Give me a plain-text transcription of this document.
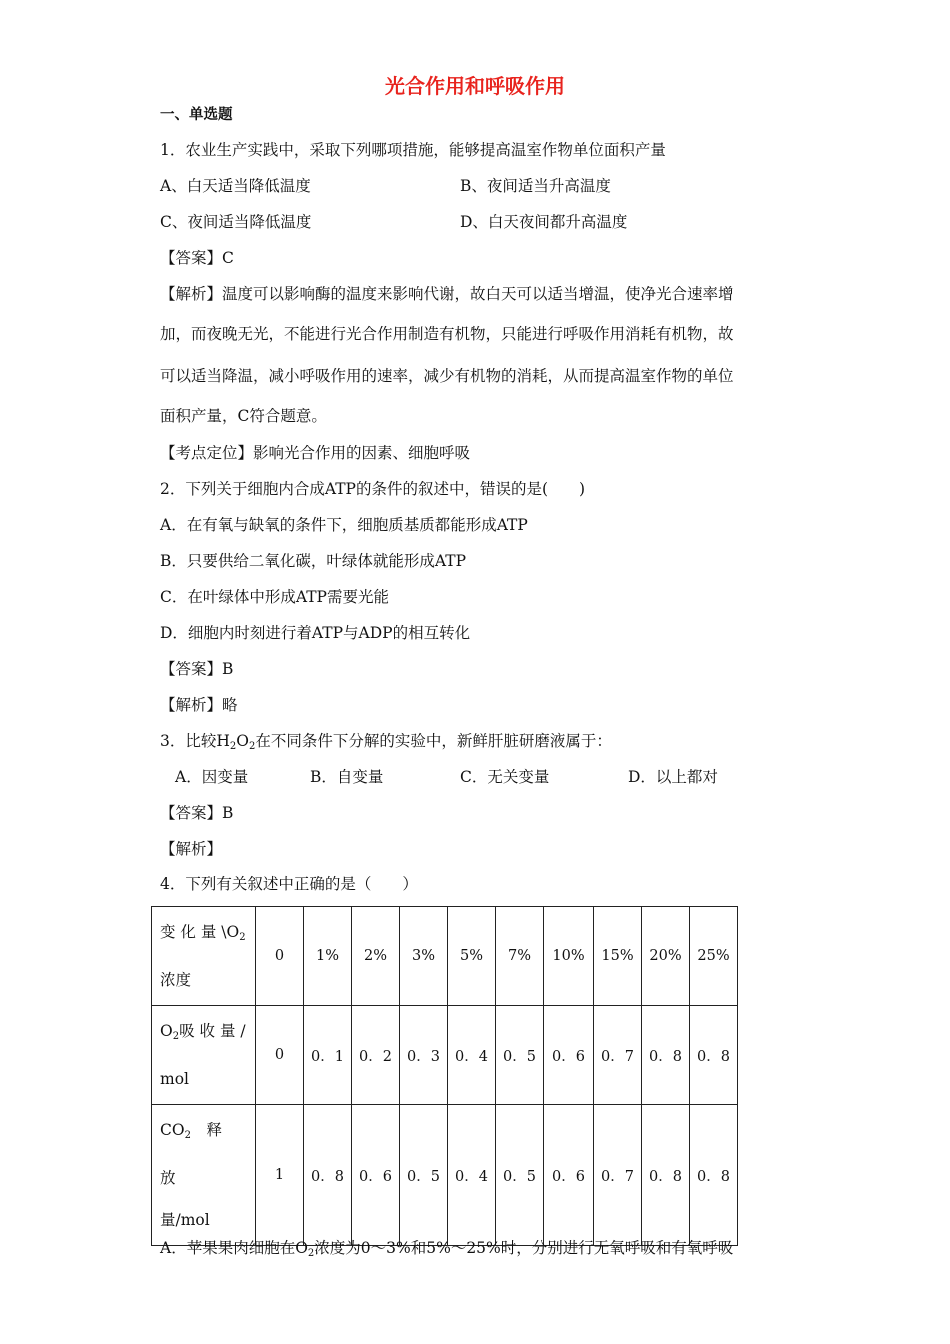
光合作用和呼吸作用
一、单选题
1．农业生产实践中，采取下列哪项措施，能够提高温室作物单位面积产量
A、白天适当降低温度	B、夜间适当升高温度
C、夜间适当降低温度	D、白天夜间都升高温度
【答案】C
【解析】温度可以影响酶的温度来影响代谢，故白天可以适当增温，使净光合速率增
加，而夜晚无光，不能进行光合作用制造有机物，只能进行呼吸作用消耗有机物，故
可以适当降温，减小呼吸作用的速率，减少有机物的消耗，从而提高温室作物的单位
面积产量，C符合题意。
【考点定位】影响光合作用的因素、细胞呼吸
2．下列关于细胞内合成ATP的条件的叙述中，错误的是(　　)
A．在有氧与缺氧的条件下，细胞质基质都能形成ATP
B．只要供给二氧化碳，叶绿体就能形成ATP
C．在叶绿体中形成ATP需要光能
D．细胞内时刻进行着ATP与ADP的相互转化
【答案】B
【解析】略
3．比较$H_2O_2$在不同条件下分解的实验中，新鲜肝脏研磨液属于：
A．因变量	B．自变量	C．无关变量	D．以上都对
【答案】B
【解析】
4．下列有关叙述中正确的是（　　）
变 化 量 $\backslash O_2$
浓度	0	1%	2%	3%	5%	7%	10%	15%	20%	25%
$O_2$吸 收 量 /
mol	0	0．1	0．2	0．3	0．4	0．5	0．6	0．7	0．8	0．8
$CO_2$　释　放
量/mol	1	0．8	0．6	0．5	0．4	0．5	0．6	0．7	0．8	0．8
A．苹果果肉细胞在$O_2$浓度为0～3%和5%～25%时，分别进行无氧呼吸和有氧呼吸
